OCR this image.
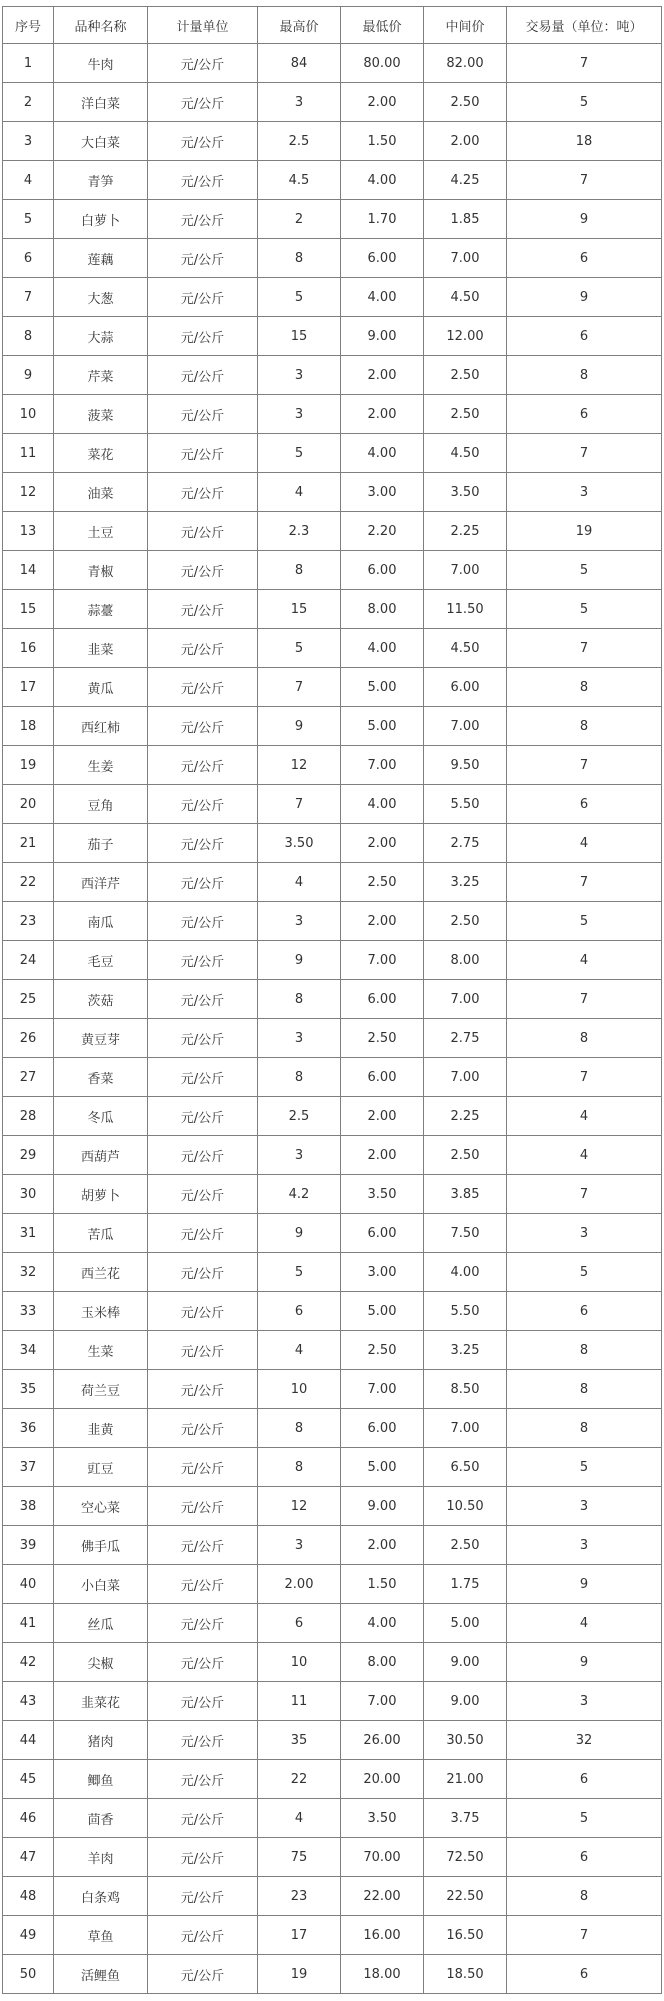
序号	品种名称	计量单位	最高价	最低价	中间价	交易量（单位：吨）
1	牛肉	元/公斤	84	80.00	82.00	7
2	洋白菜	元/公斤	3	2.00	2.50	5
3	大白菜	元/公斤	2.5	1.50	2.00	18
4	青笋	元/公斤	4.5	4.00	4.25	7
5	白萝卜	元/公斤	2	1.70	1.85	9
6	莲藕	元/公斤	8	6.00	7.00	6
7	大葱	元/公斤	5	4.00	4.50	9
8	大蒜	元/公斤	15	9.00	12.00	6
9	芹菜	元/公斤	3	2.00	2.50	8
10	菠菜	元/公斤	3	2.00	2.50	6
11	菜花	元/公斤	5	4.00	4.50	7
12	油菜	元/公斤	4	3.00	3.50	3
13	土豆	元/公斤	2.3	2.20	2.25	19
14	青椒	元/公斤	8	6.00	7.00	5
15	蒜薹	元/公斤	15	8.00	11.50	5
16	韭菜	元/公斤	5	4.00	4.50	7
17	黄瓜	元/公斤	7	5.00	6.00	8
18	西红柿	元/公斤	9	5.00	7.00	8
19	生姜	元/公斤	12	7.00	9.50	7
20	豆角	元/公斤	7	4.00	5.50	6
21	茄子	元/公斤	3.50	2.00	2.75	4
22	西洋芹	元/公斤	4	2.50	3.25	7
23	南瓜	元/公斤	3	2.00	2.50	5
24	毛豆	元/公斤	9	7.00	8.00	4
25	茨菇	元/公斤	8	6.00	7.00	7
26	黄豆芽	元/公斤	3	2.50	2.75	8
27	香菜	元/公斤	8	6.00	7.00	7
28	冬瓜	元/公斤	2.5	2.00	2.25	4
29	西葫芦	元/公斤	3	2.00	2.50	4
30	胡萝卜	元/公斤	4.2	3.50	3.85	7
31	苦瓜	元/公斤	9	6.00	7.50	3
32	西兰花	元/公斤	5	3.00	4.00	5
33	玉米棒	元/公斤	6	5.00	5.50	6
34	生菜	元/公斤	4	2.50	3.25	8
35	荷兰豆	元/公斤	10	7.00	8.50	8
36	韭黄	元/公斤	8	6.00	7.00	8
37	豇豆	元/公斤	8	5.00	6.50	5
38	空心菜	元/公斤	12	9.00	10.50	3
39	佛手瓜	元/公斤	3	2.00	2.50	3
40	小白菜	元/公斤	2.00	1.50	1.75	9
41	丝瓜	元/公斤	6	4.00	5.00	4
42	尖椒	元/公斤	10	8.00	9.00	9
43	韭菜花	元/公斤	11	7.00	9.00	3
44	猪肉	元/公斤	35	26.00	30.50	32
45	鲫鱼	元/公斤	22	20.00	21.00	6
46	茴香	元/公斤	4	3.50	3.75	5
47	羊肉	元/公斤	75	70.00	72.50	6
48	白条鸡	元/公斤	23	22.00	22.50	8
49	草鱼	元/公斤	17	16.00	16.50	7
50	活鲤鱼	元/公斤	19	18.00	18.50	6
